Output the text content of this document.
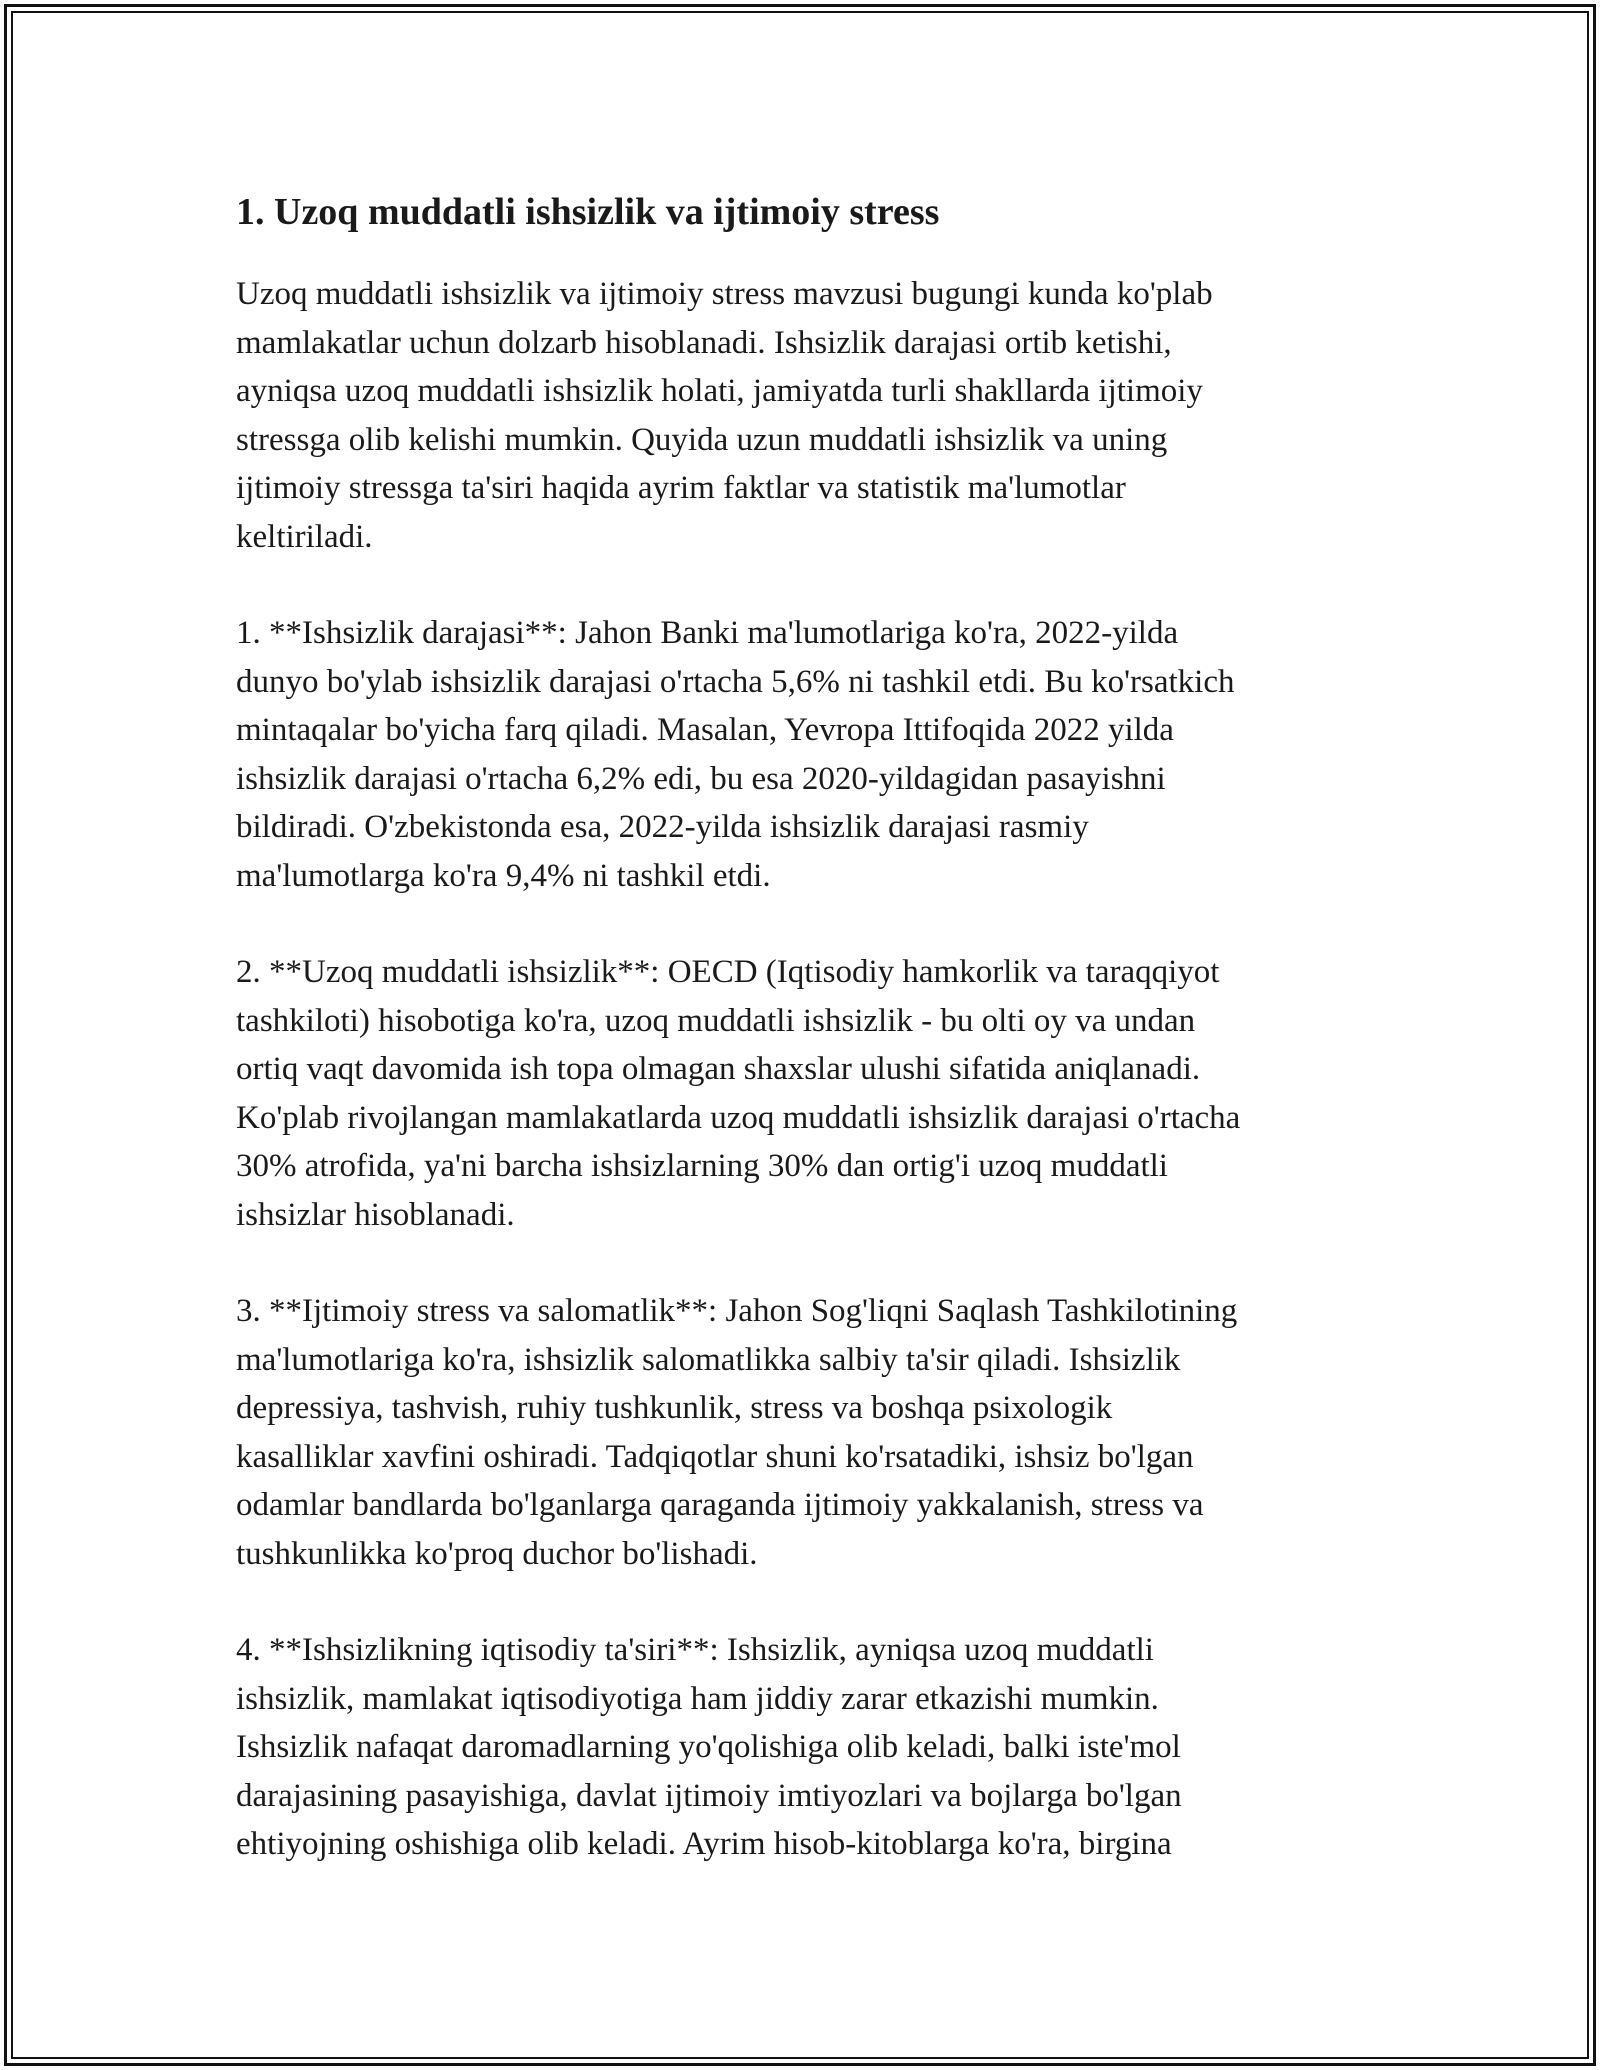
1. Uzoq muddatli ishsizlik va ijtimoiy stress

Uzoq muddatli ishsizlik va ijtimoiy stress mavzusi bugungi kunda ko'plab
mamlakatlar uchun dolzarb hisoblanadi. Ishsizlik darajasi ortib ketishi,
ayniqsa uzoq muddatli ishsizlik holati, jamiyatda turli shakllarda ijtimoiy
stressga olib kelishi mumkin. Quyida uzun muddatli ishsizlik va uning
ijtimoiy stressga ta'siri haqida ayrim faktlar va statistik ma'lumotlar
keltiriladi.

1. **Ishsizlik darajasi**: Jahon Banki ma'lumotlariga ko'ra, 2022-yilda
dunyo bo'ylab ishsizlik darajasi o'rtacha 5,6% ni tashkil etdi. Bu ko'rsatkich
mintaqalar bo'yicha farq qiladi. Masalan, Yevropa Ittifoqida 2022 yilda
ishsizlik darajasi o'rtacha 6,2% edi, bu esa 2020-yildagidan pasayishni
bildiradi. O'zbekistonda esa, 2022-yilda ishsizlik darajasi rasmiy
ma'lumotlarga ko'ra 9,4% ni tashkil etdi.

2. **Uzoq muddatli ishsizlik**: OECD (Iqtisodiy hamkorlik va taraqqiyot
tashkiloti) hisobotiga ko'ra, uzoq muddatli ishsizlik - bu olti oy va undan
ortiq vaqt davomida ish topa olmagan shaxslar ulushi sifatida aniqlanadi.
Ko'plab rivojlangan mamlakatlarda uzoq muddatli ishsizlik darajasi o'rtacha
30% atrofida, ya'ni barcha ishsizlarning 30% dan ortig'i uzoq muddatli
ishsizlar hisoblanadi.

3. **Ijtimoiy stress va salomatlik**: Jahon Sog'liqni Saqlash Tashkilotining
ma'lumotlariga ko'ra, ishsizlik salomatlikka salbiy ta'sir qiladi. Ishsizlik
depressiya, tashvish, ruhiy tushkunlik, stress va boshqa psixologik
kasalliklar xavfini oshiradi. Tadqiqotlar shuni ko'rsatadiki, ishsiz bo'lgan
odamlar bandlarda bo'lganlarga qaraganda ijtimoiy yakkalanish, stress va
tushkunlikka ko'proq duchor bo'lishadi.

4. **Ishsizlikning iqtisodiy ta'siri**: Ishsizlik, ayniqsa uzoq muddatli
ishsizlik, mamlakat iqtisodiyotiga ham jiddiy zarar etkazishi mumkin.
Ishsizlik nafaqat daromadlarning yo'qolishiga olib keladi, balki iste'mol
darajasining pasayishiga, davlat ijtimoiy imtiyozlari va bojlarga bo'lgan
ehtiyojning oshishiga olib keladi. Ayrim hisob-kitoblarga ko'ra, birgina
